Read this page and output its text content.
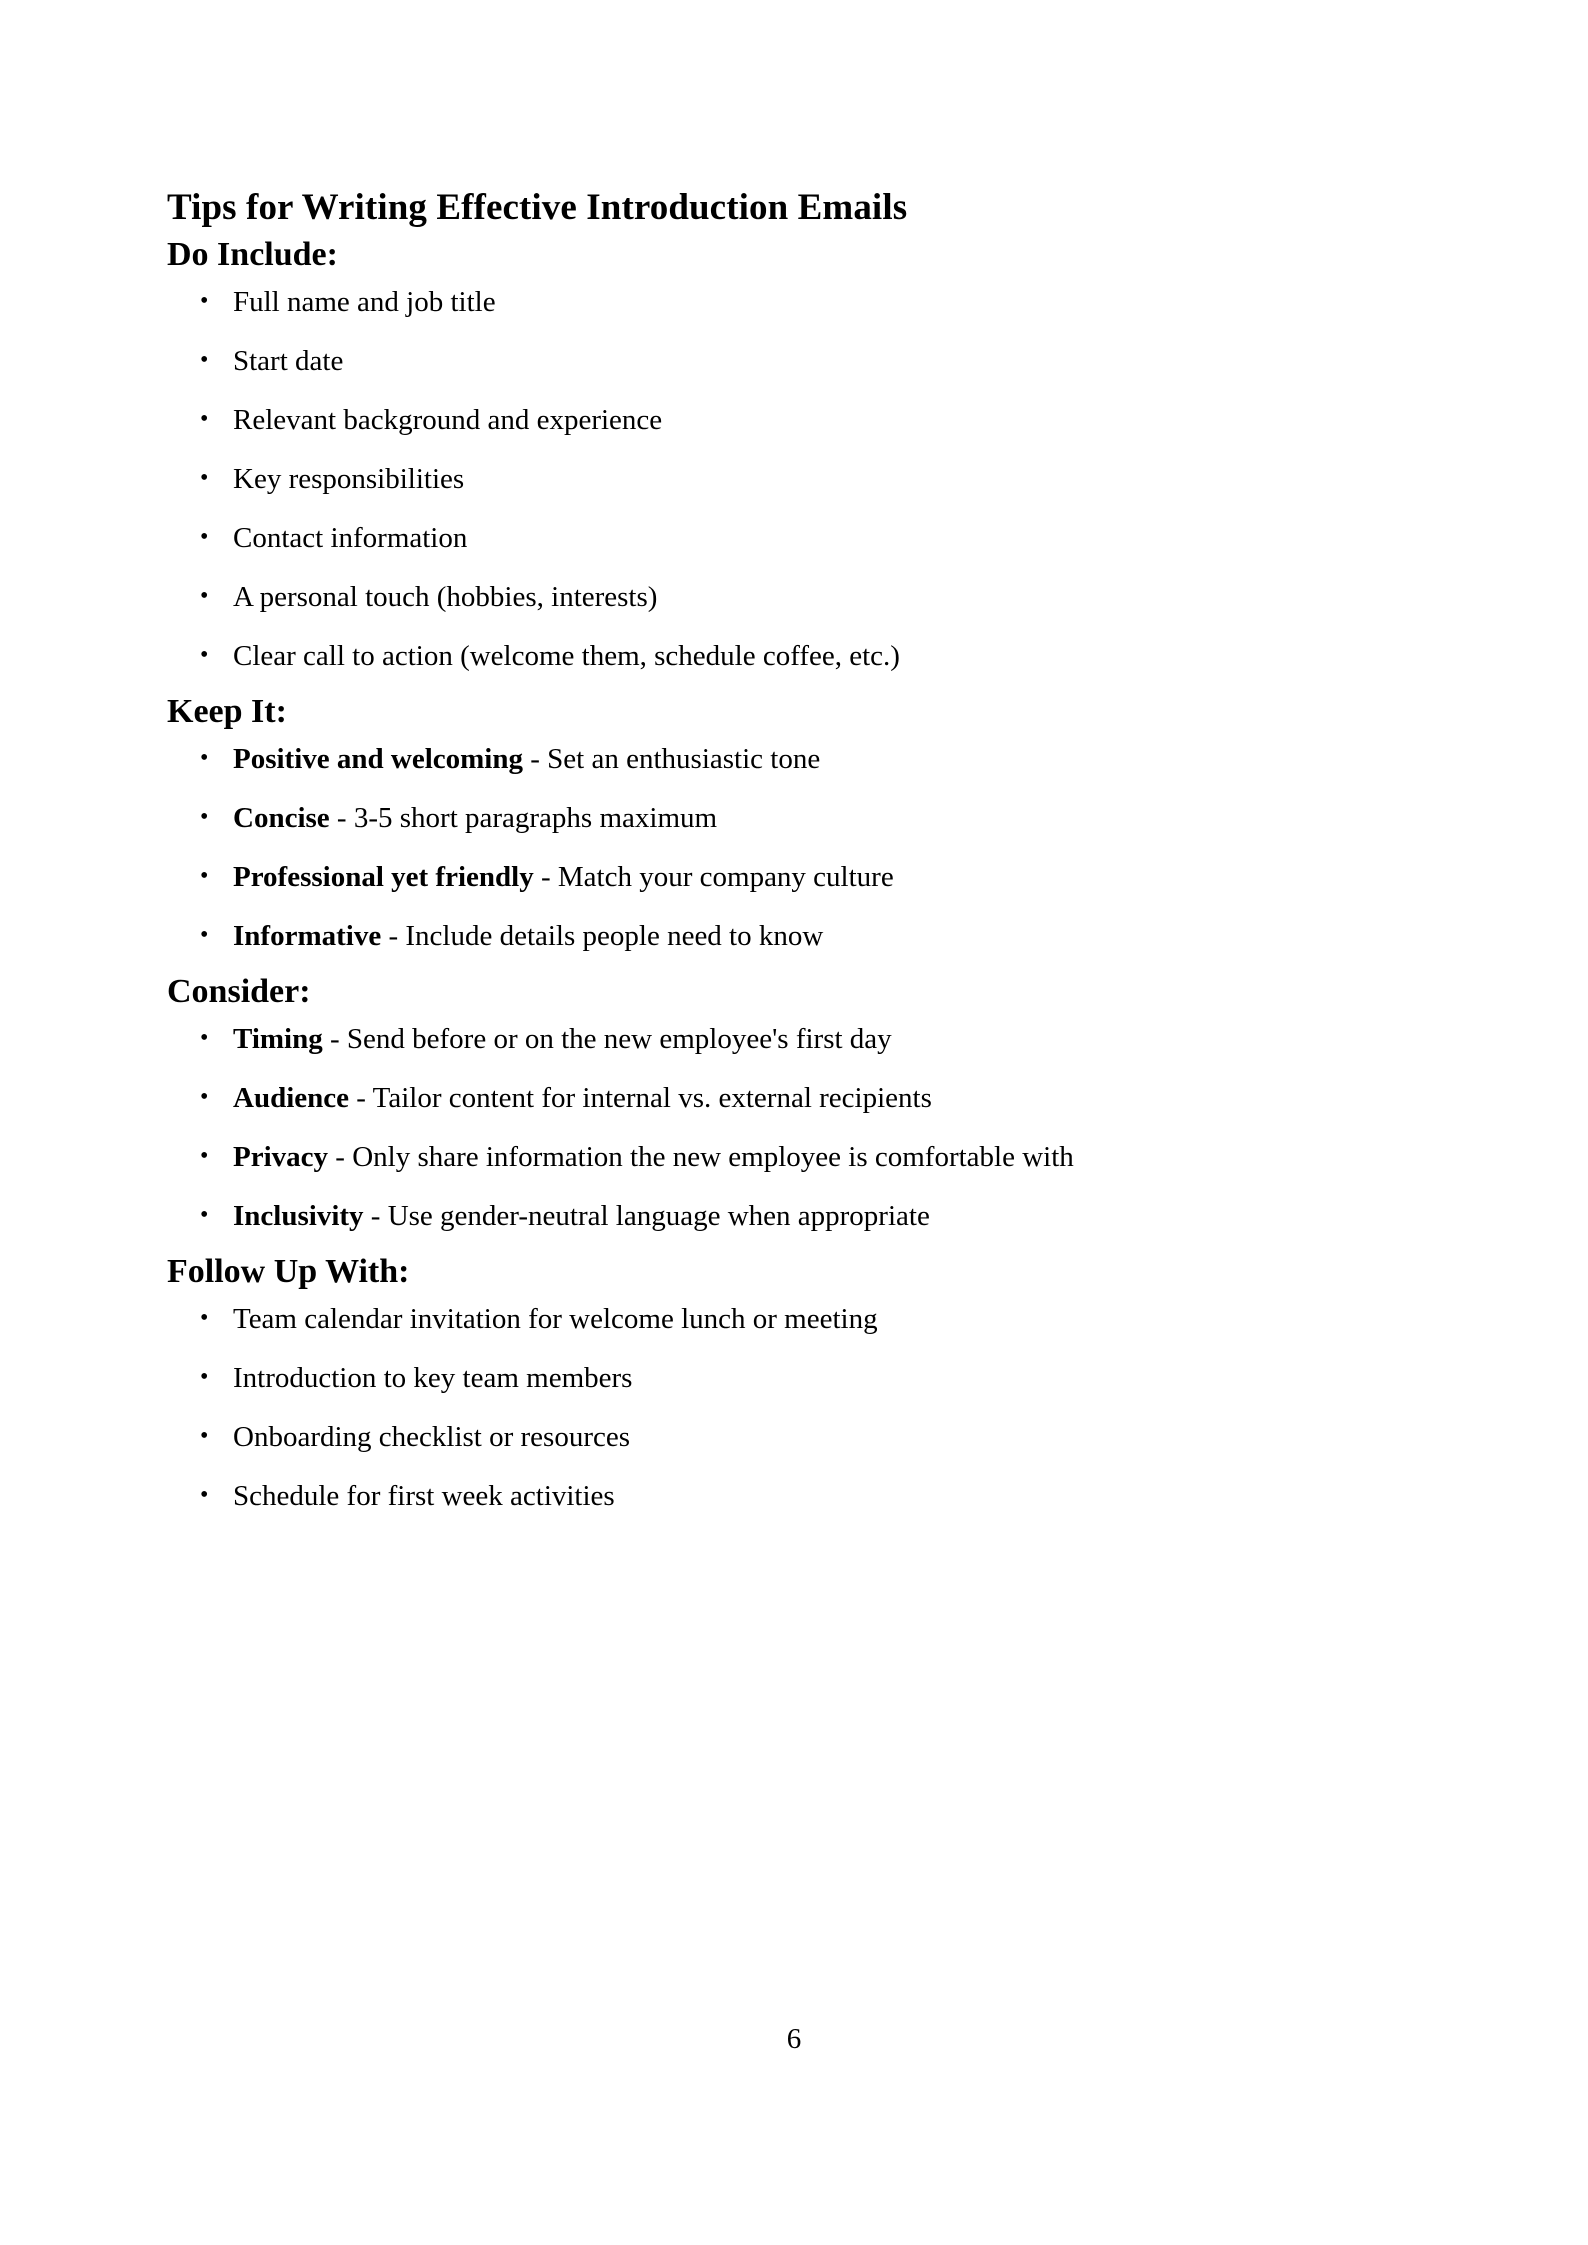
Tips for Writing Effective Introduction Emails
Do Include:
• Full name and job title
• Start date
• Relevant background and experience
• Key responsibilities
• Contact information
• A personal touch (hobbies, interests)
• Clear call to action (welcome them, schedule coffee, etc.)
Keep It:
• Positive and welcoming - Set an enthusiastic tone
• Concise - 3-5 short paragraphs maximum
• Professional yet friendly - Match your company culture
• Informative - Include details people need to know
Consider:
• Timing - Send before or on the new employee's first day
• Audience - Tailor content for internal vs. external recipients
• Privacy - Only share information the new employee is comfortable with
• Inclusivity - Use gender-neutral language when appropriate
Follow Up With:
• Team calendar invitation for welcome lunch or meeting
• Introduction to key team members
• Onboarding checklist or resources
• Schedule for first week activities
6
